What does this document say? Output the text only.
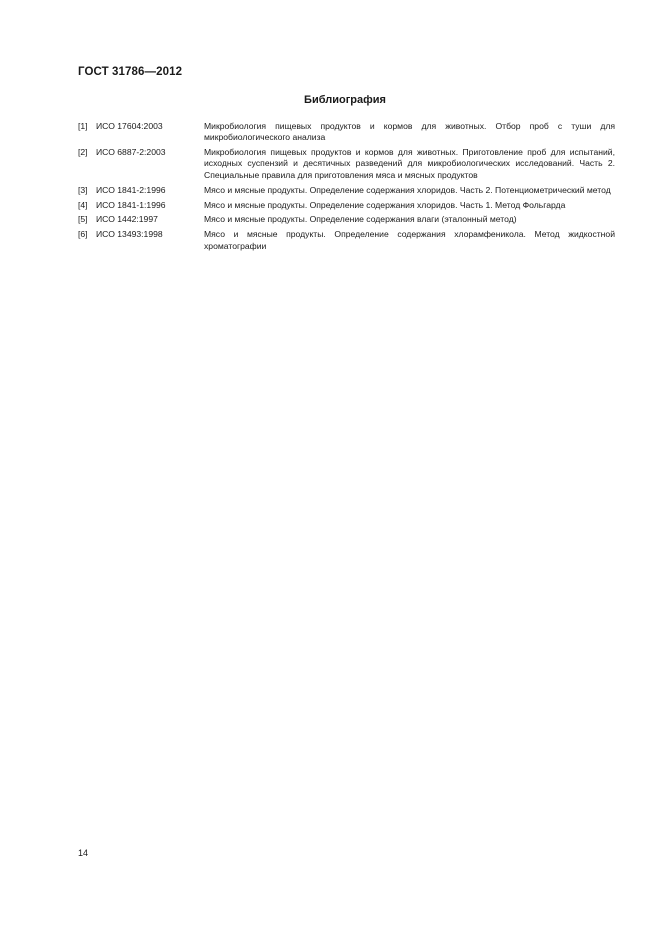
ГОСТ 31786—2012
Библиография
[1] ИСО 17604:2003	Микробиология пищевых продуктов и кормов для животных. Отбор проб с туши для микробиологического анализа
[2] ИСО 6887-2:2003	Микробиология пищевых продуктов и кормов для животных. Приготовление проб для испытаний, исходных суспензий и десятичных разведений для микробиологических исследований. Часть 2. Специальные правила для приготовления мяса и мясных продуктов
[3] ИСО 1841-2:1996	Мясо и мясные продукты. Определение содержания хлоридов. Часть 2. Потенциометрический метод
[4] ИСО 1841-1:1996	Мясо и мясные продукты. Определение содержания хлоридов. Часть 1. Метод Фольгарда
[5] ИСО 1442:1997	Мясо и мясные продукты. Определение содержания влаги (эталонный метод)
[6] ИСО 13493:1998	Мясо и мясные продукты. Определение содержания хлорамфеникола. Метод жидкостной хроматографии
14
